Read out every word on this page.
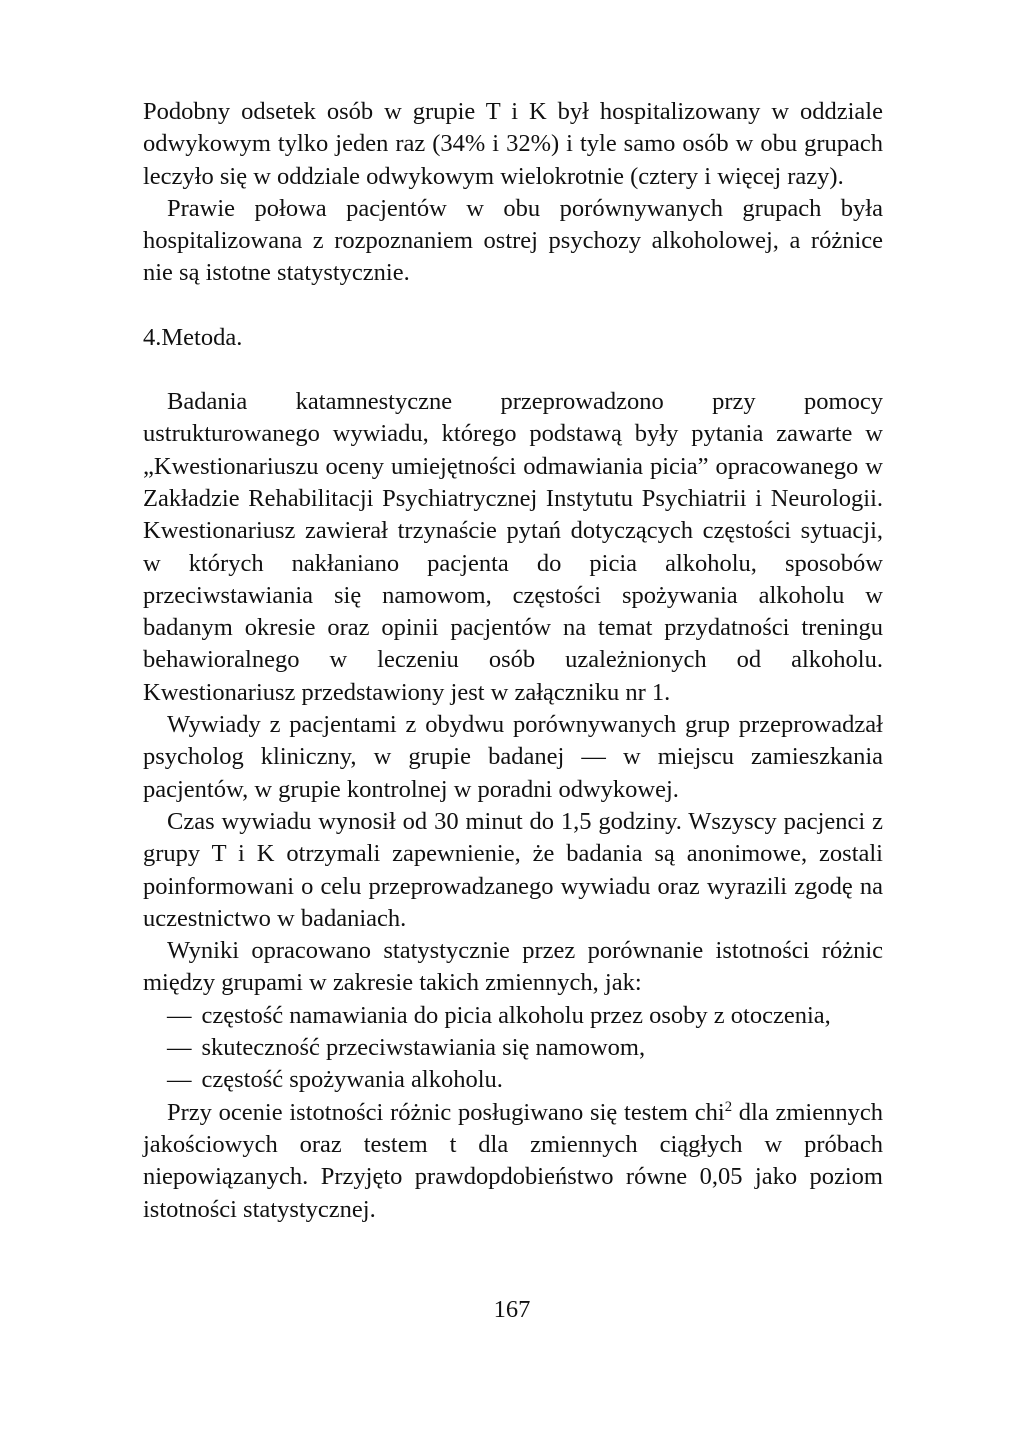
Podobny odsetek osób w grupie T i K był hospitalizowany w oddziale odwykowym tylko jeden raz (34% i 32%) i tyle samo osób w obu grupach leczyło się w oddziale odwykowym wielokrotnie (cztery i więcej razy).

Prawie połowa pacjentów w obu porównywanych grupach była hospitalizowana z rozpoznaniem ostrej psychozy alkoholowej, a różnice nie są istotne statystycznie.

4.Metoda.

Badania katamnestyczne przeprowadzono przy pomocy ustrukturowanego wywiadu, którego podstawą były pytania zawarte w „Kwestionariuszu oceny umiejętności odmawiania picia” opracowanego w Zakładzie Rehabilitacji Psychiatrycznej Instytutu Psychiatrii i Neurologii. Kwestionariusz zawierał trzynaście pytań dotyczących częstości sytuacji, w których nakłaniano pacjenta do picia alkoholu, sposobów przeciwstawiania się namowom, częstości spożywania alkoholu w badanym okresie oraz opinii pacjentów na temat przydatności treningu behawioralnego w leczeniu osób uzależnionych od alkoholu. Kwestionariusz przedstawiony jest w załączniku nr 1.

Wywiady z pacjentami z obydwu porównywanych grup przeprowadzał psycholog kliniczny, w grupie badanej — w miejscu zamieszkania pacjentów, w grupie kontrolnej w poradni odwykowej.

Czas wywiadu wynosił od 30 minut do 1,5 godziny. Wszyscy pacjenci z grupy T i K otrzymali zapewnienie, że badania są anonimowe, zostali poinformowani o celu przeprowadzanego wywiadu oraz wyrazili zgodę na uczestnictwo w badaniach.

Wyniki opracowano statystycznie przez porównanie istotności różnic między grupami w zakresie takich zmiennych, jak:

— częstość namawiania do picia alkoholu przez osoby z otoczenia,
— skuteczność przeciwstawiania się namowom,
— częstość spożywania alkoholu.

Przy ocenie istotności różnic posługiwano się testem chi$^2$ dla zmiennych jakościowych oraz testem t dla zmiennych ciągłych w próbach niepowiązanych. Przyjęto prawdopdobieństwo równe 0,05 jako poziom istotności statystycznej.

167
